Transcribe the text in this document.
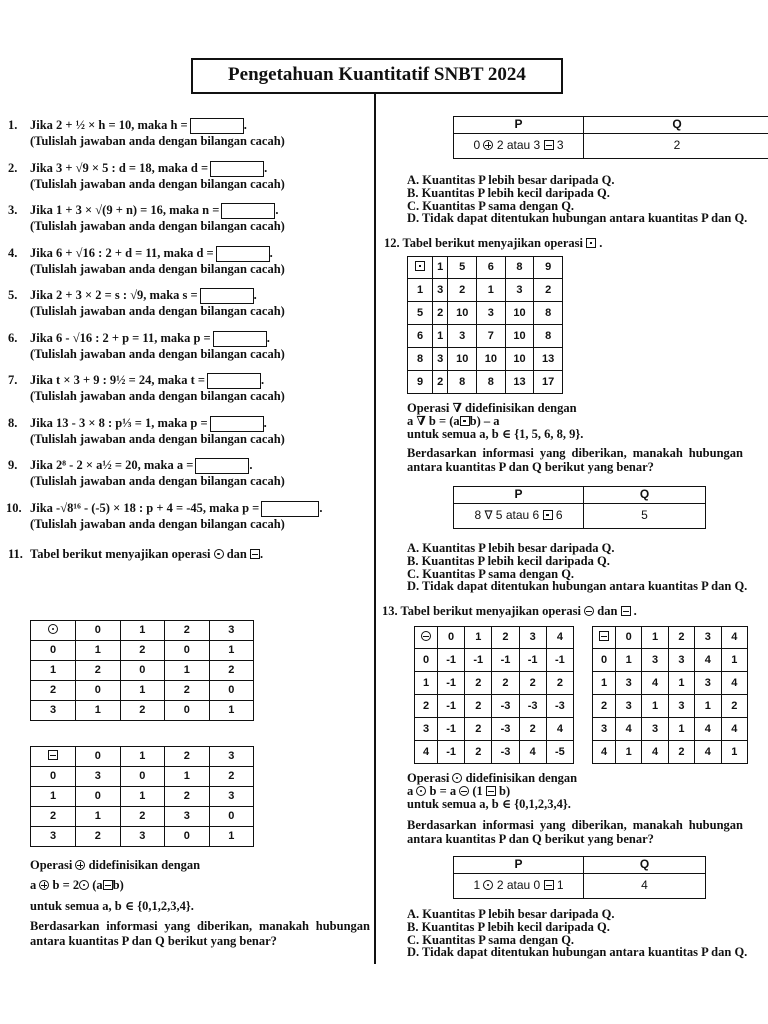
Pengetahuan Kuantitatif SNBT 2024
1. Jika 2 + ½ × h = 10, maka h =	.
(Tulislah jawaban anda dengan bilangan cacah)
2. Jika 3 + √9 × 5 : d = 18, maka d =	.
(Tulislah jawaban anda dengan bilangan cacah)
3. Jika 1 + 3 × √(9 + n) = 16, maka n =	.
(Tulislah jawaban anda dengan bilangan cacah)
4. Jika 6 + √16 : 2 + d = 11, maka d =	.
(Tulislah jawaban anda dengan bilangan cacah)
5. Jika 2 + 3 × 2 = s : √9, maka s =	.
(Tulislah jawaban anda dengan bilangan cacah)
6. Jika 6 - √16 : 2 + p = 11, maka p =	.
(Tulislah jawaban anda dengan bilangan cacah)
7. Jika t × 3 + 9 : 9½ = 24, maka t =	.
(Tulislah jawaban anda dengan bilangan cacah)
8. Jika 13 - 3 × 8 : p⅓ = 1, maka p =	.
(Tulislah jawaban anda dengan bilangan cacah)
9. Jika 2⁸ - 2 × a½ = 20, maka a =	.
(Tulislah jawaban anda dengan bilangan cacah)
10. Jika -√8¹⁶ - (-5) × 18 : p + 4 = -45, maka p =	.
(Tulislah jawaban anda dengan bilangan cacah)
11. Tabel berikut menyajikan operasi dan .
	0	1	2	3
0	1	2	0	1
1	2	0	1	2
2	0	1	2	0
3	1	2	0	1
	0	1	2	3
0	3	0	1	2
1	0	1	2	3
2	1	2	3	0
3	2	3	0	1
Operasi didefinisikan dengan
a b = 2 (a b)
untuk semua a, b ∈ {0,1,2,3,4}.
Berdasarkan informasi yang diberikan, manakah hubungan antara kuantitas P dan Q berikut yang benar?
P	Q
0 2 atau 3 3	2
A. Kuantitas P lebih besar daripada Q.
B. Kuantitas P lebih kecil daripada Q.
C. Kuantitas P sama dengan Q.
D. Tidak dapat ditentukan hubungan antara kuantitas P dan Q.
12. Tabel berikut menyajikan operasi  .
	1	5	6	8	9
1	3	2	1	3	2
5	2	10	3	10	8
6	1	3	7	10	8
8	3	10	10	10	13
9	2	8	8	13	17
Operasi ∇ didefinisikan dengan
a ∇ b = (a b) – a
untuk semua a, b ∈ {1, 5, 6, 8, 9}.
Berdasarkan informasi yang diberikan, manakah hubungan antara kuantitas P dan Q berikut yang benar?
P	Q
8 ∇ 5 atau 6 6	5
A. Kuantitas P lebih besar daripada Q.
B. Kuantitas P lebih kecil daripada Q.
C. Kuantitas P sama dengan Q.
D. Tidak dapat ditentukan hubungan antara kuantitas P dan Q.
13. Tabel berikut menyajikan operasi dan  .
	0	1	2	3	4
0	-1	-1	-1	-1	-1
1	-1	2	2	2	2
2	-1	2	-3	-3	-3
3	-1	2	-3	2	4
4	-1	2	-3	4	-5
	0	1	2	3	4
0	1	3	3	4	1
1	3	4	1	3	4
2	3	1	3	1	2
3	4	3	1	4	4
4	1	4	2	4	1
Operasi didefinisikan dengan
a b = a (1 b)
untuk semua a, b ∈ {0,1,2,3,4}.
Berdasarkan informasi yang diberikan, manakah hubungan antara kuantitas P dan Q berikut yang benar?
P	Q
1 2 atau 0 1	4
A. Kuantitas P lebih besar daripada Q.
B. Kuantitas P lebih kecil daripada Q.
C. Kuantitas P sama dengan Q.
D. Tidak dapat ditentukan hubungan antara kuantitas P dan Q.
